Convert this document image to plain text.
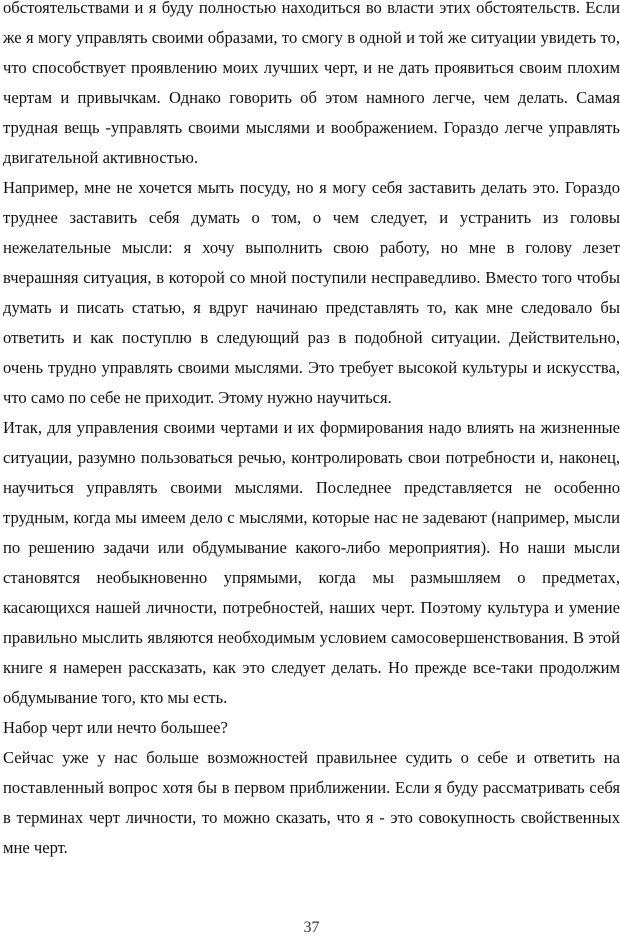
обстоятельствами и я буду полностью находиться во власти этих обстоятельств. Если же я могу управлять своими образами, то смогу в одной и той же ситуации увидеть то, что способствует проявлению моих лучших черт, и не дать проявиться своим плохим чертам и привычкам. Однако говорить об этом намного легче, чем делать. Самая трудная вещь -управлять своими мыслями и воображением. Гораздо легче управлять двигательной активностью.

Например, мне не хочется мыть посуду, но я могу себя заставить делать это. Гораздо труднее заставить себя думать о том, о чем следует, и устранить из головы нежелательные мысли: я хочу выполнить свою работу, но мне в голову лезет вчерашняя ситуация, в которой со мной поступили несправедливо. Вместо того чтобы думать и писать статью, я вдруг начинаю представлять то, как мне следовало бы ответить и как поступлю в следующий раз в подобной ситуации. Действительно, очень трудно управлять своими мыслями. Это требует высокой культуры и искусства, что само по себе не приходит. Этому нужно научиться.

Итак, для управления своими чертами и их формирования надо влиять на жизненные ситуации, разумно пользоваться речью, контролировать свои потребности и, наконец, научиться управлять своими мыслями. Последнее представляется не особенно трудным, когда мы имеем дело с мыслями, которые нас не задевают (например, мысли по решению задачи или обдумывание какого-либо мероприятия). Но наши мысли становятся необыкновенно упрямыми, когда мы размышляем о предметах, касающихся нашей личности, потребностей, наших черт. Поэтому культура и умение правильно мыслить являются необходимым условием самосовершенствования. В этой книге я намерен рассказать, как это следует делать. Но прежде все-таки продолжим обдумывание того, кто мы есть.

Набор черт или нечто большее?

Сейчас уже у нас больше возможностей правильнее судить о себе и ответить на поставленный вопрос хотя бы в первом приближении. Если я буду рассматривать себя в терминах черт личности, то можно сказать, что я - это совокупность свойственных мне черт.

37
